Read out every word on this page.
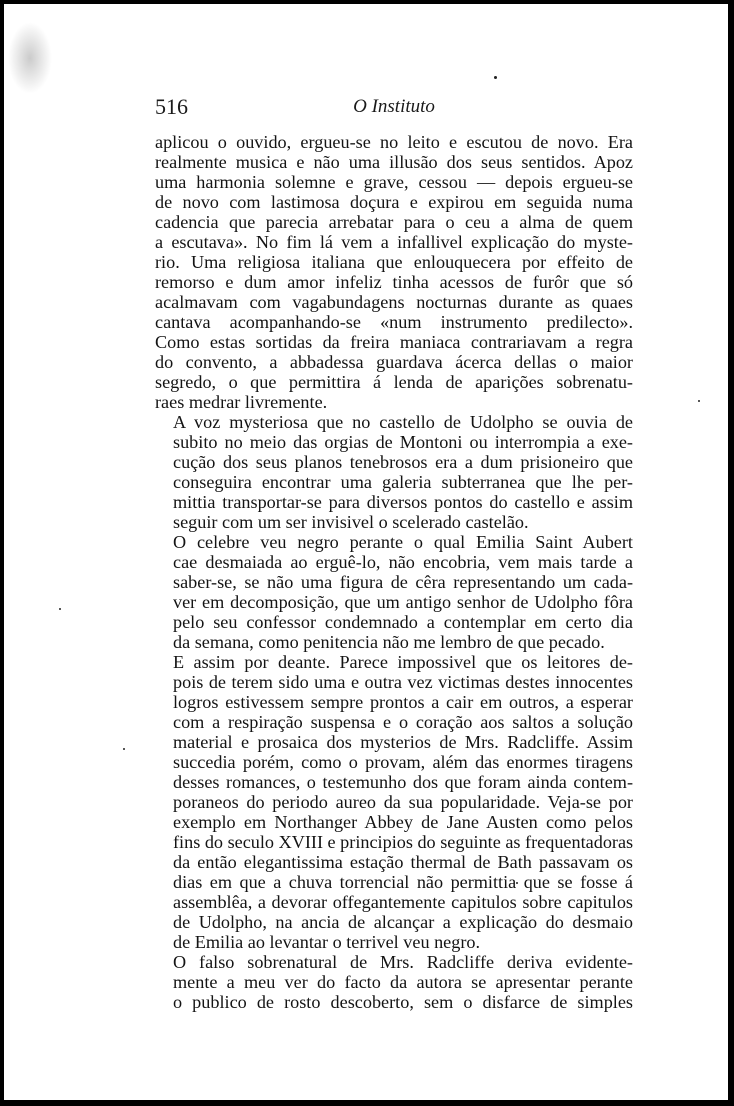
516	O Instituto

aplicou o ouvido, ergueu-se no leito e escutou de novo. Era
realmente musica e não uma illusão dos seus sentidos. Apoz
uma harmonia solemne e grave, cessou — depois ergueu-se
de novo com lastimosa doçura e expirou em seguida numa
cadencia que parecia arrebatar para o ceu a alma de quem
a escutava». No fim lá vem a infallivel explicação do myste-
rio. Uma religiosa italiana que enlouquecera por effeito de
remorso e dum amor infeliz tinha acessos de furôr que só
acalmavam com vagabundagens nocturnas durante as quaes
cantava acompanhando-se «num instrumento predilecto».
Como estas sortidas da freira maniaca contrariavam a regra
do convento, a abbadessa guardava ácerca dellas o maior
segredo, o que permittira á lenda de aparições sobrenatu-
raes medrar livremente.

A voz mysteriosa que no castello de Udolpho se ouvia de
subito no meio das orgias de Montoni ou interrompia a exe-
cução dos seus planos tenebrosos era a dum prisioneiro que
conseguira encontrar uma galeria subterranea que lhe per-
mittia transportar-se para diversos pontos do castello e assim
seguir com um ser invisivel o scelerado castelão.

O celebre veu negro perante o qual Emilia Saint Aubert
cae desmaiada ao erguê-lo, não encobria, vem mais tarde a
saber-se, se não uma figura de cêra representando um cada-
ver em decomposição, que um antigo senhor de Udolpho fôra
pelo seu confessor condemnado a contemplar em certo dia
da semana, como penitencia não me lembro de que pecado.

E assim por deante. Parece impossivel que os leitores de-
pois de terem sido uma e outra vez victimas destes innocentes
logros estivessem sempre prontos a cair em outros, a esperar
com a respiração suspensa e o coração aos saltos a solução
material e prosaica dos mysterios de Mrs. Radcliffe. Assim
succedia porém, como o provam, além das enormes tiragens
desses romances, o testemunho dos que foram ainda contem-
poraneos do periodo aureo da sua popularidade. Veja-se por
exemplo em Northanger Abbey de Jane Austen como pelos
fins do seculo XVIII e principios do seguinte as frequentadoras
da então elegantissima estação thermal de Bath passavam os
dias em que a chuva torrencial não permittia que se fosse á
assemblêa, a devorar offegantemente capitulos sobre capitulos
de Udolpho, na ancia de alcançar a explicação do desmaio
de Emilia ao levantar o terrivel veu negro.

O falso sobrenatural de Mrs. Radcliffe deriva evidente-
mente a meu ver do facto da autora se apresentar perante
o publico de rosto descoberto, sem o disfarce de simples
